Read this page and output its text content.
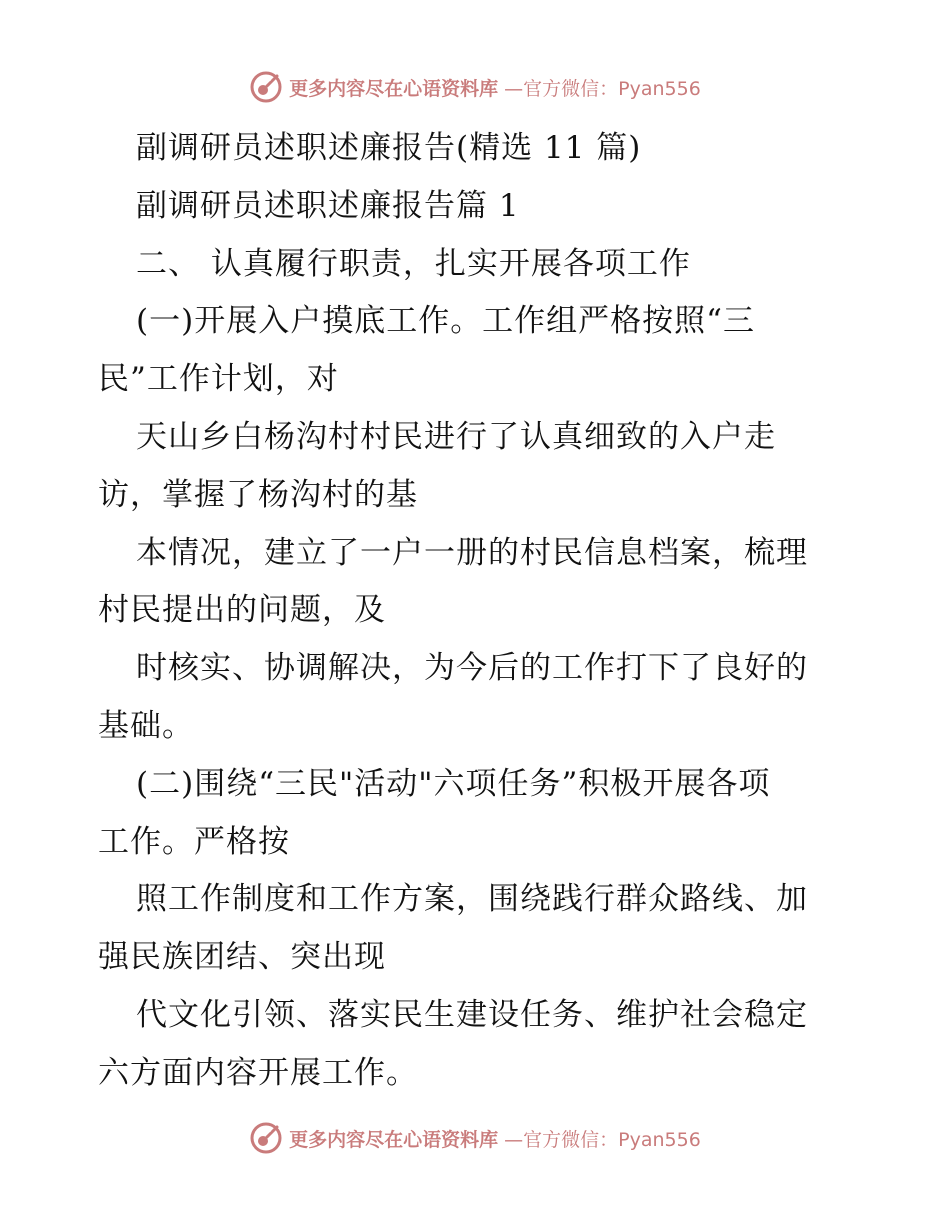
更多内容尽在心语资料库 —官方微信：Pyan556
副调研员述职述廉报告(精选 11 篇)
副调研员述职述廉报告篇 1
二、 认真履行职责，扎实开展各项工作
(一)开展入户摸底工作。工作组严格按照“三
民”工作计划，对
天山乡白杨沟村村民进行了认真细致的入户走
访，掌握了杨沟村的基
本情况，建立了一户一册的村民信息档案，梳理
村民提出的问题，及
时核实、协调解决，为今后的工作打下了良好的
基础。
(二)围绕“三民"活动"六项任务”积极开展各项
工作。严格按
照工作制度和工作方案，围绕践行群众路线、加
强民族团结、突出现
代文化引领、落实民生建设任务、维护社会稳定
六方面内容开展工作。
更多内容尽在心语资料库 —官方微信：Pyan556
